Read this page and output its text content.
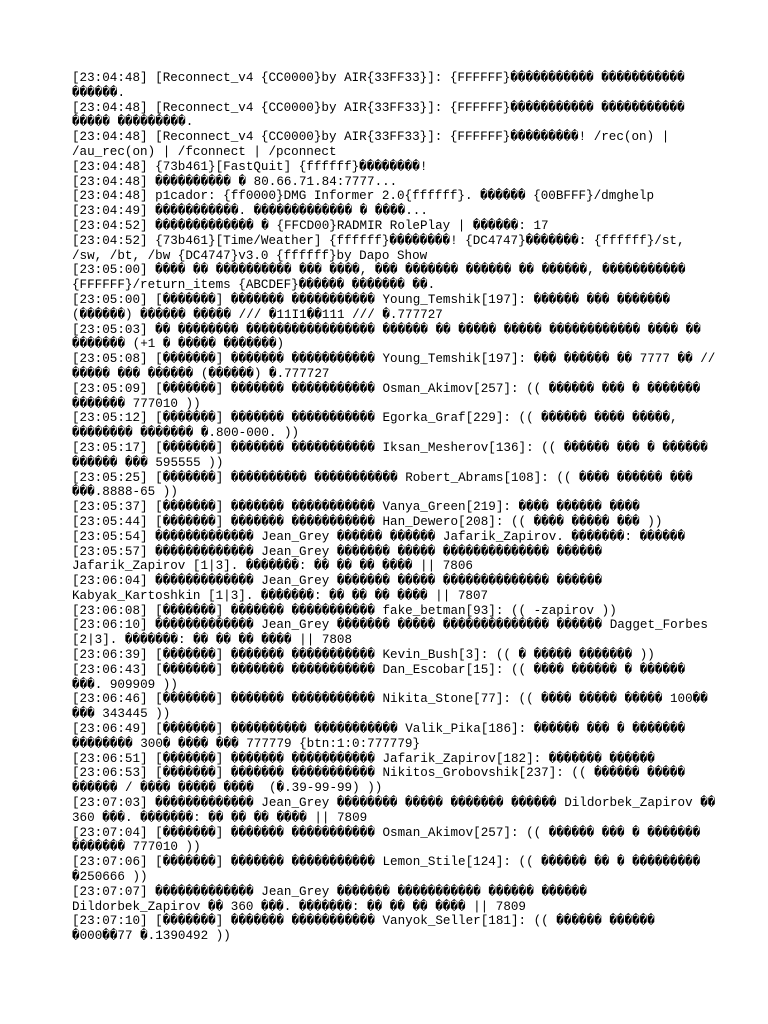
[23:04:48] [Reconnect_v4 {CC0000}by AIR{33FF33}]: {FFFFFF}����������� ����������� ������.
[23:04:48] [Reconnect_v4 {CC0000}by AIR{33FF33}]: {FFFFFF}����������� ����������� ����� ���������.
[23:04:48] [Reconnect_v4 {CC0000}by AIR{33FF33}]: {FFFFFF}���������! /rec(on) | /au_rec(on) | /fconnect | /pconnect
[23:04:48] {73b461}[FastQuit] {ffffff}��������!
[23:04:48] ���������� � 80.66.71.84:7777...
[23:04:48] p1cador: {ff0000}DMG Informer 2.0{ffffff}. ������ {00BFFF}/dmghelp
[23:04:49] �����������. ������������� � ����...
[23:04:52] ������������� � {FFCD00}RADMIR RolePlay | ������: 17
[23:04:52] {73b461}[Time/Weather] {ffffff}��������! {DC4747}�������: {ffffff}/st, /sw, /bt, /bw {DC4747}v3.0 {ffffff}by Dapo Show
[23:05:00] ���� �� ���������� ��� ����, ��� ������� ������ �� ������, ����������� {FFFFFF}/return_items {ABCDEF}������ ������� ��.
[23:05:00] [�������] ������� ����������� Young_Temshik[197]: ������ ��� ������� (������) ������ ����� /// �11I1��111 /// �.777727
[23:05:03] �� �������� ����������������� ������ �� ����� ����� ������������ ���� �� ������� (+1 � ����� �������)
[23:05:08] [�������] ������� ����������� Young_Temshik[197]: ��� ������ �� 7777 �� //����� ��� ������ (������) �.777727
[23:05:09] [�������] ������� ����������� Osman_Akimov[257]: (( ������ ��� � ������� ������� 777010 ))
[23:05:12] [�������] ������� ����������� Egorka_Graf[229]: (( ������ ���� �����, �������� ������� �.800-000. ))
[23:05:17] [�������] ������� ����������� Iksan_Mesherov[136]: (( ������ ��� � ������ ������ ��� 595555 ))
[23:05:25] [�������] ���������� ����������� Robert_Abrams[108]: (( ���� ������ ��� ���.8888-65 ))
[23:05:37] [�������] ������� ����������� Vanya_Green[219]: ���� ������ ����
[23:05:44] [�������] ������� ����������� Han_Dewero[208]: (( ���� ����� ��� ))
[23:05:54] ������������� Jean_Grey ������ ������ Jafarik_Zapirov. �������: ������
[23:05:57] ������������� Jean_Grey ������� ����� �������������� ������ Jafarik_Zapirov [1|3]. �������: �� �� �� ���� || 7806
[23:06:04] ������������� Jean_Grey ������� ����� �������������� ������ Kabyak_Kartoshkin [1|3]. �������: �� �� �� ���� || 7807
[23:06:08] [�������] ������� ����������� fake_betman[93]: (( -zapirov ))
[23:06:10] ������������� Jean_Grey ������� ����� �������������� ������ Dagget_Forbes [2|3]. �������: �� �� �� ���� || 7808
[23:06:39] [�������] ������� ����������� Kevin_Bush[3]: (( � ����� ������� ))
[23:06:43] [�������] ������� ����������� Dan_Escobar[15]: (( ���� ������ � ������ ���. 909909 ))
[23:06:46] [�������] ������� ����������� Nikita_Stone[77]: (( ���� ����� ����� 100�� ��� 343445 ))
[23:06:49] [�������] ���������� ����������� Valik_Pika[186]: ������ ��� � ������� �������� 300� ���� ��� 777779 {btn:1:0:777779}
[23:06:51] [�������] ������� ����������� Jafarik_Zapirov[182]: ������� ������
[23:06:53] [�������] ������� ����������� Nikitos_Grobovshik[237]: (( ������ ����� ������ / ���� ����� ����  (�.39-99-99) ))
[23:07:03] ������������� Jean_Grey �������� ����� ������� ������ Dildorbek_Zapirov �� 360 ���. �������: �� �� �� ���� || 7809
[23:07:04] [�������] ������� ����������� Osman_Akimov[257]: (( ������ ��� � ������� ������� 777010 ))
[23:07:06] [�������] ������� ����������� Lemon_Stile[124]: (( ������ �� � ��������� �250666 ))
[23:07:07] ������������� Jean_Grey ������� ����������� ������ ������ Dildorbek_Zapirov �� 360 ���. �������: �� �� �� ���� || 7809
[23:07:10] [�������] ������� ����������� Vanyok_Seller[181]: (( ������ ������ �000��77 �.1390492 ))
